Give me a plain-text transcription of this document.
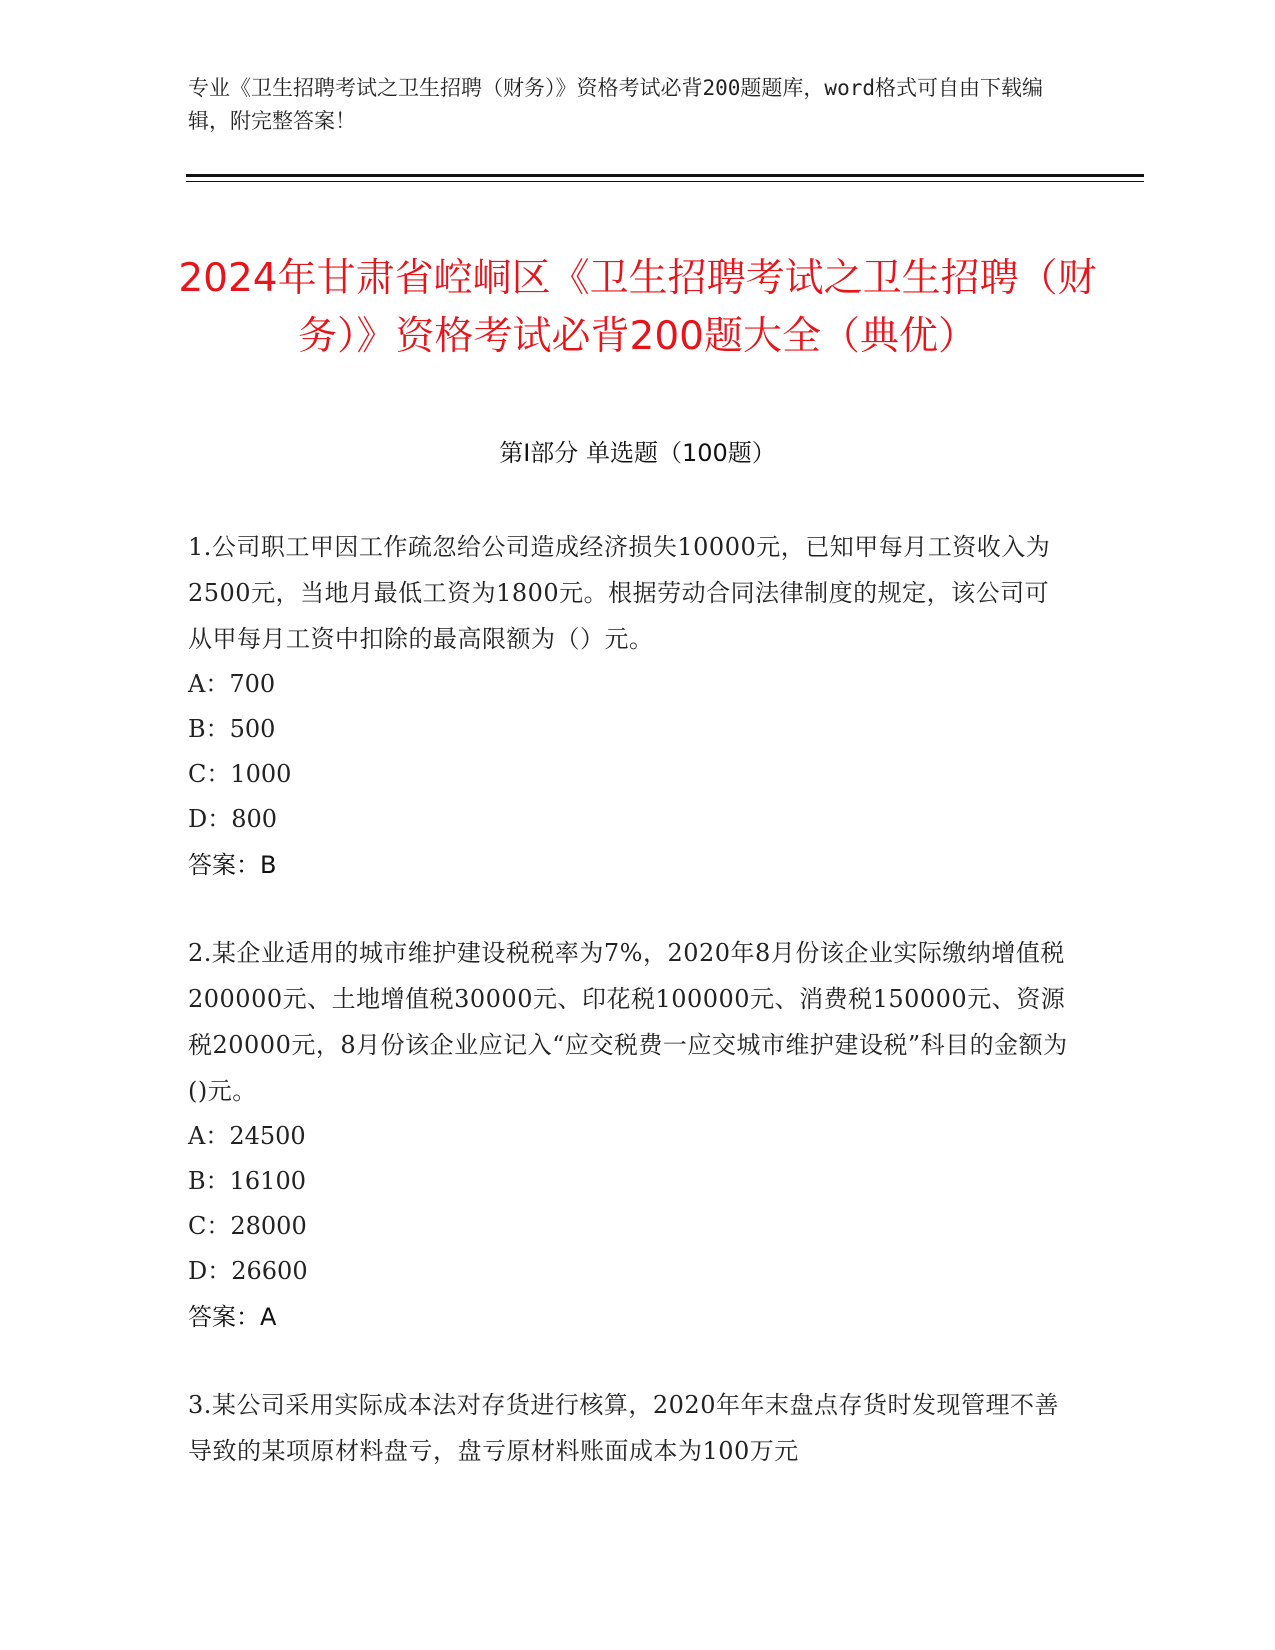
专业《卫生招聘考试之卫生招聘（财务）》资格考试必背200题题库，word格式可自由下载编辑，附完整答案！
2024年甘肃省崆峒区《卫生招聘考试之卫生招聘（财务）》资格考试必背200题大全（典优）
第I部分 单选题（100题）
1.公司职工甲因工作疏忽给公司造成经济损失10000元，已知甲每月工资收入为2500元，当地月最低工资为1800元。根据劳动合同法律制度的规定，该公司可从甲每月工资中扣除的最高限额为（）元。
A：700
B：500
C：1000
D：800
答案：B
2.某企业适用的城市维护建设税税率为7%，2020年8月份该企业实际缴纳增值税200000元、土地增值税30000元、印花税100000元、消费税150000元、资源税20000元，8月份该企业应记入“应交税费一应交城市维护建设税”科目的金额为()元。
A：24500
B：16100
C：28000
D：26600
答案：A
3.某公司采用实际成本法对存货进行核算，2020年年末盘点存货时发现管理不善导致的某项原材料盘亏，盘亏原材料账面成本为100万元
